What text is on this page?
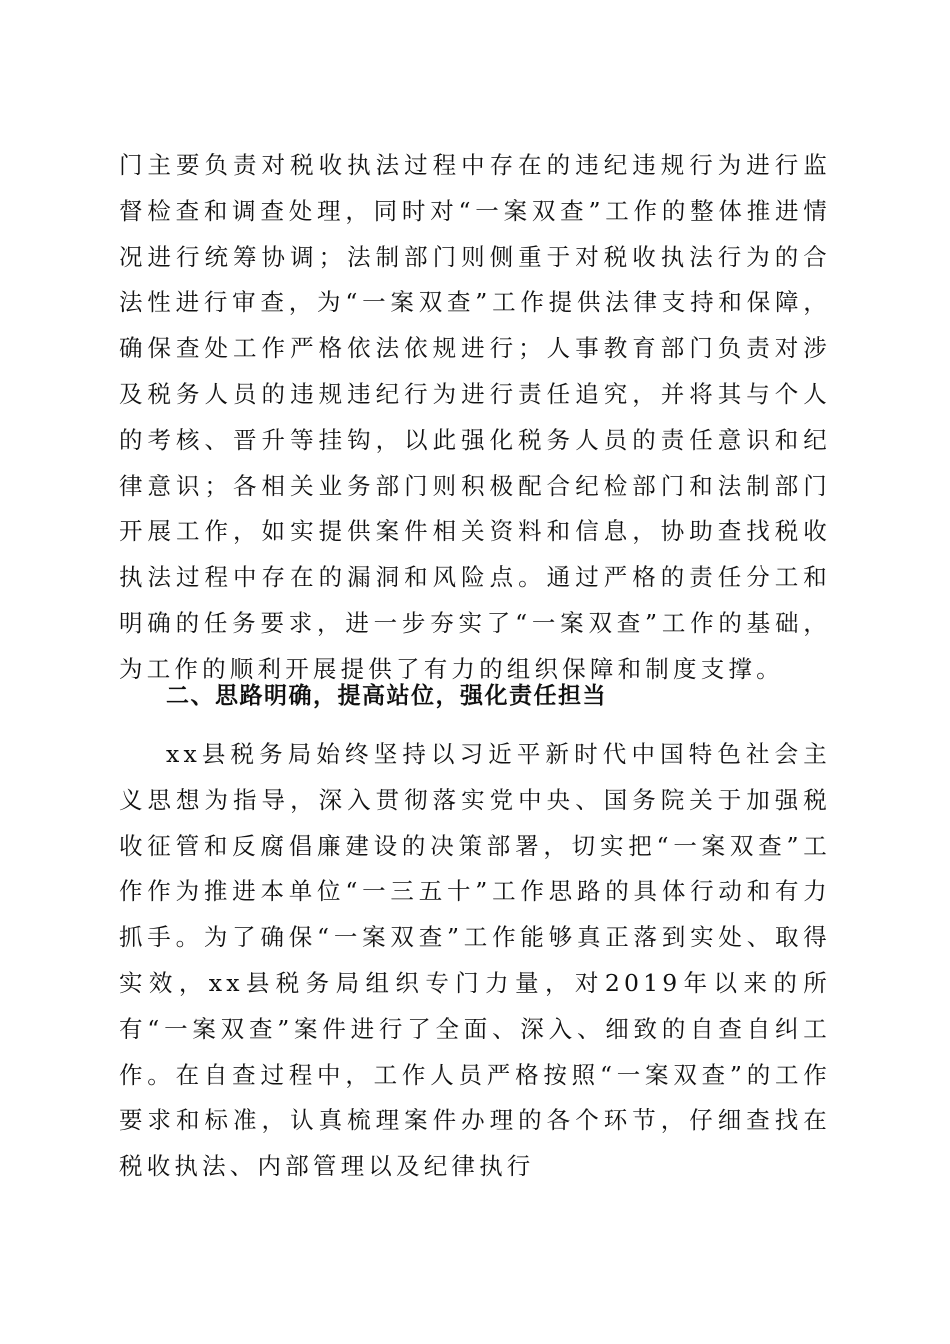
门主要负责对税收执法过程中存在的违纪违规行为进行监督检查和调查处理，同时对“一案双查”工作的整体推进情况进行统筹协调；法制部门则侧重于对税收执法行为的合法性进行审查，为“一案双查”工作提供法律支持和保障，确保查处工作严格依法依规进行；人事教育部门负责对涉及税务人员的违规违纪行为进行责任追究，并将其与个人的考核、晋升等挂钩，以此强化税务人员的责任意识和纪律意识；各相关业务部门则积极配合纪检部门和法制部门开展工作，如实提供案件相关资料和信息，协助查找税收执法过程中存在的漏洞和风险点。通过严格的责任分工和明确的任务要求，进一步夯实了“一案双查”工作的基础，为工作的顺利开展提供了有力的组织保障和制度支撑。

二、思路明确，提高站位，强化责任担当

xx县税务局始终坚持以习近平新时代中国特色社会主义思想为指导，深入贯彻落实党中央、国务院关于加强税收征管和反腐倡廉建设的决策部署，切实把“一案双查”工作作为推进本单位“一三五十”工作思路的具体行动和有力抓手。为了确保“一案双查”工作能够真正落到实处、取得实效，xx县税务局组织专门力量，对2019年以来的所有“一案双查”案件进行了全面、深入、细致的自查自纠工作。在自查过程中，工作人员严格按照“一案双查”的工作要求和标准，认真梳理案件办理的各个环节，仔细查找在税收执法、内部管理以及纪律执行
